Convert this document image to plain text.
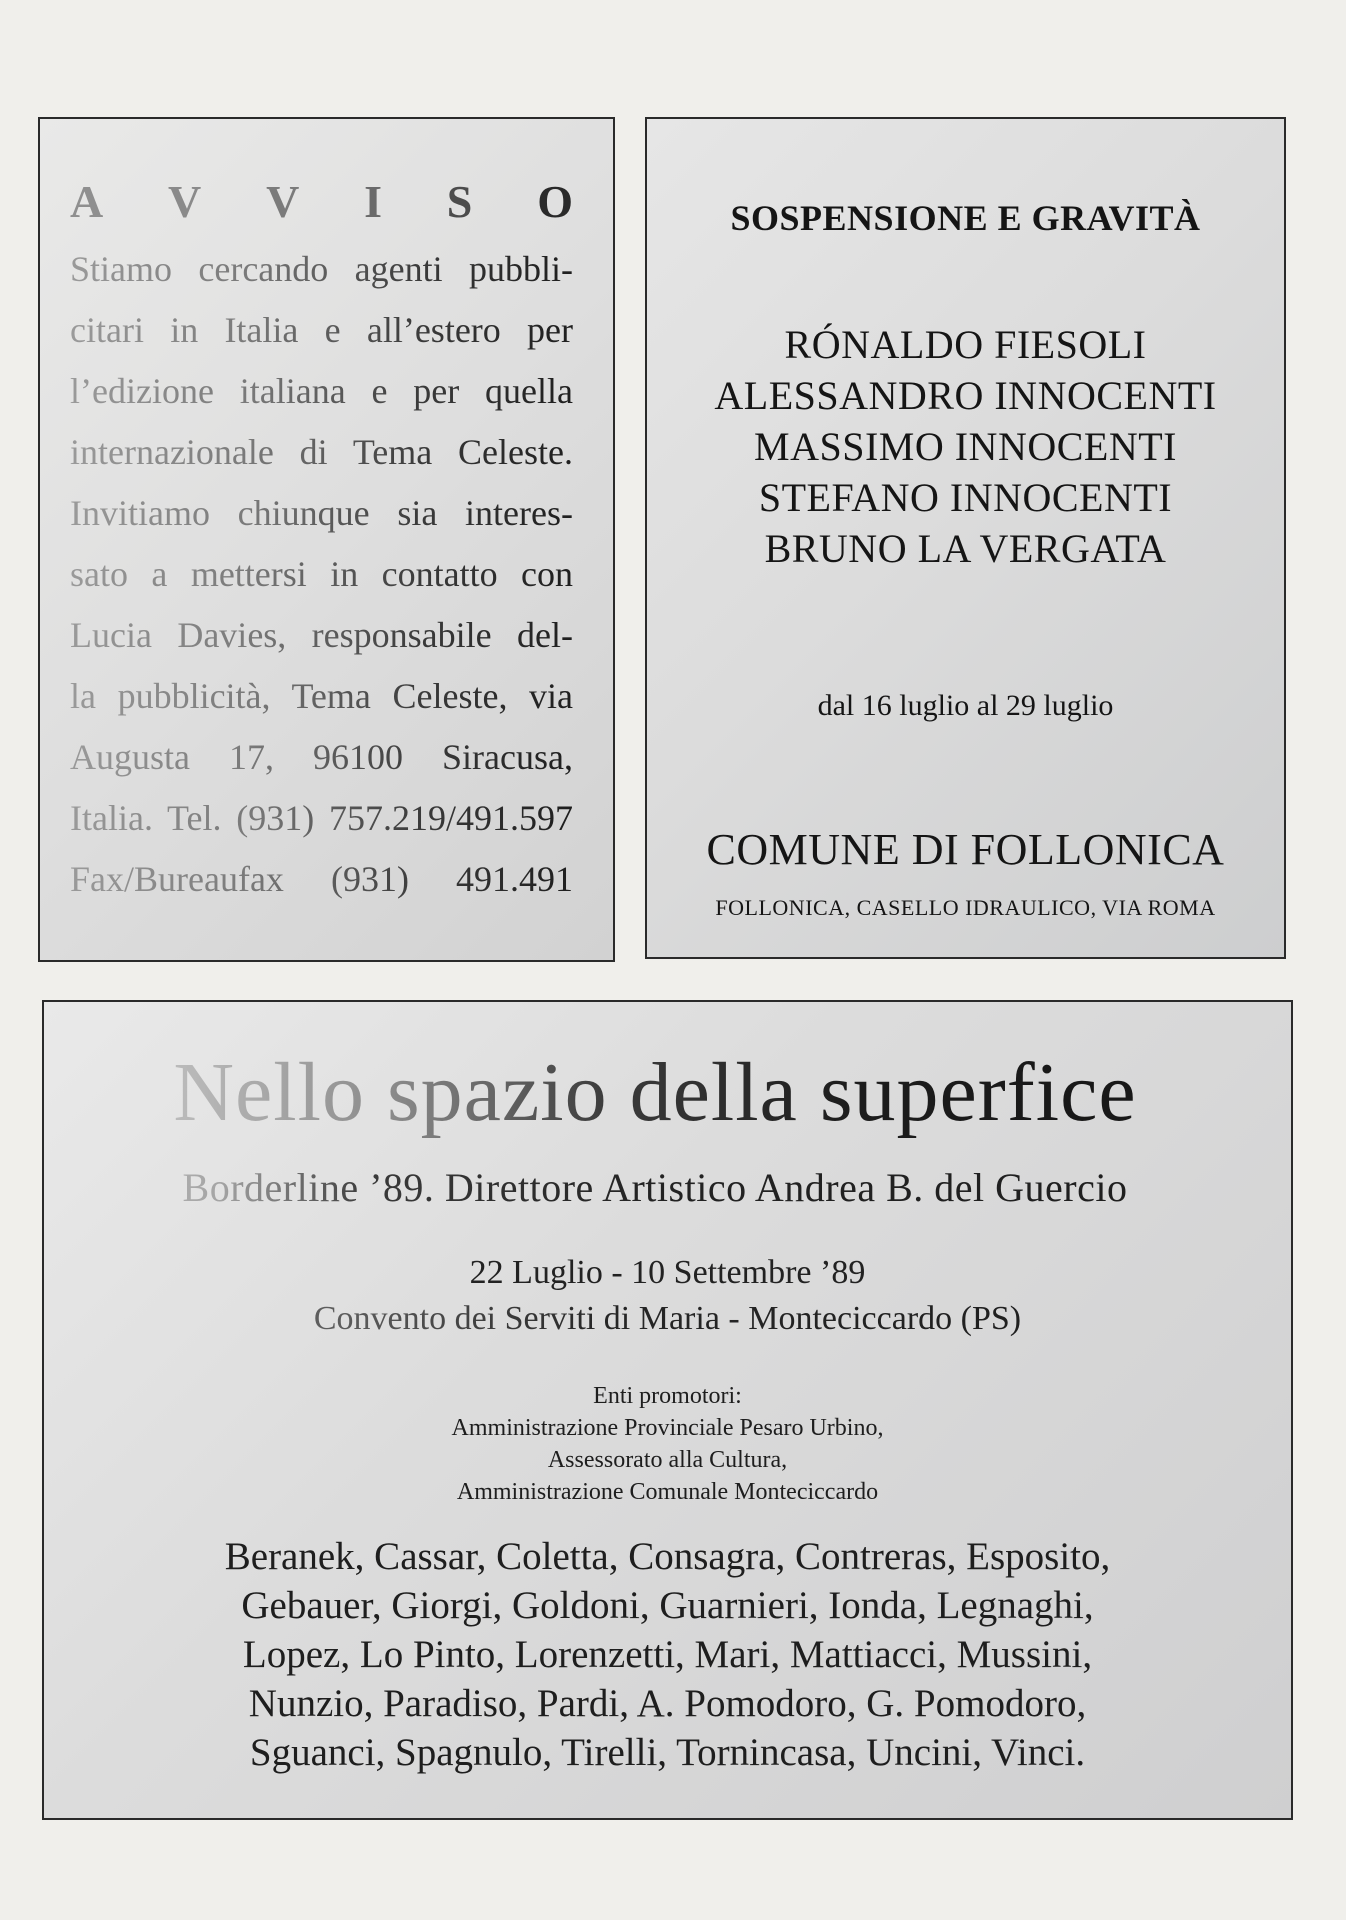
A V V I S O
Stiamo cercando agenti pubbli-
citari in Italia e all’estero per
l’edizione italiana e per quella
internazionale di Tema Celeste.
Invitiamo chiunque sia interes-
sato a mettersi in contatto con
Lucia Davies, responsabile del-
la pubblicità, Tema Celeste, via
Augusta 17, 96100 Siracusa,
Italia. Tel. (931) 757.219/491.597
Fax/Bureaufax (931) 491.491
SOSPENSIONE E GRAVITÀ
RÓNALDO FIESOLI
ALESSANDRO INNOCENTI
MASSIMO INNOCENTI
STEFANO INNOCENTI
BRUNO LA VERGATA
dal 16 luglio al 29 luglio
COMUNE DI FOLLONICA
FOLLONICA, CASELLO IDRAULICO, VIA ROMA
Nello spazio della superfice
Borderline ’89. Direttore Artistico Andrea B. del Guercio
22 Luglio - 10 Settembre ’89
Convento dei Serviti di Maria - Monteciccardo (PS)
Enti promotori:
Amministrazione Provinciale Pesaro Urbino,
Assessorato alla Cultura,
Amministrazione Comunale Monteciccardo
Beranek, Cassar, Coletta, Consagra, Contreras, Esposito,
Gebauer, Giorgi, Goldoni, Guarnieri, Ionda, Legnaghi,
Lopez, Lo Pinto, Lorenzetti, Mari, Mattiacci, Mussini,
Nunzio, Paradiso, Pardi, A. Pomodoro, G. Pomodoro,
Sguanci, Spagnulo, Tirelli, Tornincasa, Uncini, Vinci.
